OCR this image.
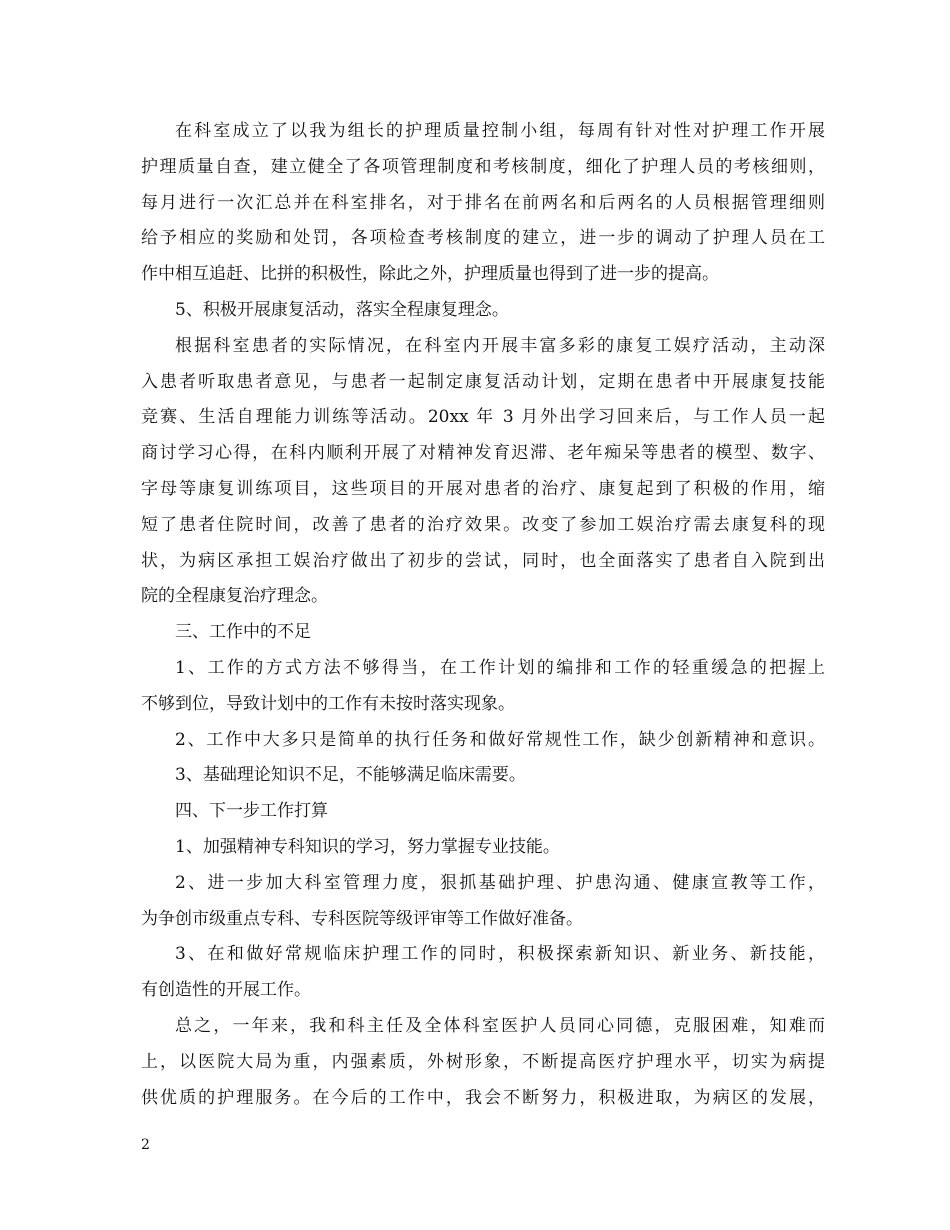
在科室成立了以我为组长的护理质量控制小组，每周有针对性对护理工作开展
护理质量自查，建立健全了各项管理制度和考核制度，细化了护理人员的考核细则，
每月进行一次汇总并在科室排名，对于排名在前两名和后两名的人员根据管理细则
给予相应的奖励和处罚，各项检查考核制度的建立，进一步的调动了护理人员在工
作中相互追赶、比拼的积极性，除此之外，护理质量也得到了进一步的提高。
5、积极开展康复活动，落实全程康复理念。
根据科室患者的实际情况，在科室内开展丰富多彩的康复工娱疗活动，主动深
入患者听取患者意见，与患者一起制定康复活动计划，定期在患者中开展康复技能
竞赛、生活自理能力训练等活动。20xx 年 3 月外出学习回来后，与工作人员一起
商讨学习心得，在科内顺利开展了对精神发育迟滞、老年痴呆等患者的模型、数字、
字母等康复训练项目，这些项目的开展对患者的治疗、康复起到了积极的作用，缩
短了患者住院时间，改善了患者的治疗效果。改变了参加工娱治疗需去康复科的现
状，为病区承担工娱治疗做出了初步的尝试，同时，也全面落实了患者自入院到出
院的全程康复治疗理念。
三、工作中的不足
1、工作的方式方法不够得当，在工作计划的编排和工作的轻重缓急的把握上
不够到位，导致计划中的工作有未按时落实现象。
2、工作中大多只是简单的执行任务和做好常规性工作，缺少创新精神和意识。
3、基础理论知识不足，不能够满足临床需要。
四、下一步工作打算
1、加强精神专科知识的学习，努力掌握专业技能。
2、进一步加大科室管理力度，狠抓基础护理、护患沟通、健康宣教等工作，
为争创市级重点专科、专科医院等级评审等工作做好准备。
3、在和做好常规临床护理工作的同时，积极探索新知识、新业务、新技能，
有创造性的开展工作。
总之，一年来，我和科主任及全体科室医护人员同心同德，克服困难，知难而
上，以医院大局为重，内强素质，外树形象，不断提高医疗护理水平，切实为病提
供优质的护理服务。在今后的工作中，我会不断努力，积极进取，为病区的发展，
2
